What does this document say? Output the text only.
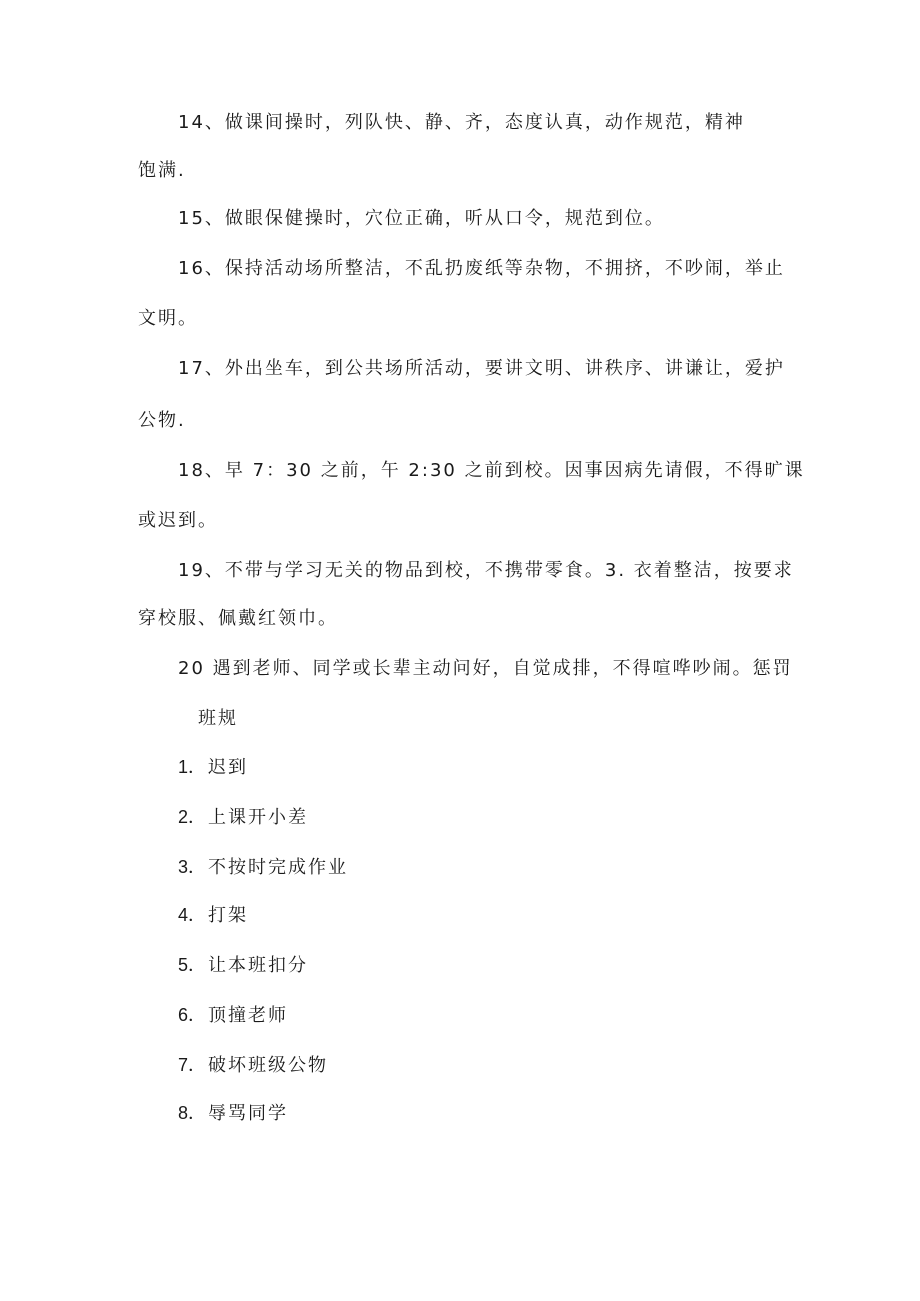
14、做课间操时，列队快、静、齐，态度认真，动作规范，精神
饱满.
15、做眼保健操时，穴位正确，听从口令，规范到位。
16、保持活动场所整洁，不乱扔废纸等杂物，不拥挤，不吵闹，举止
文明。
17、外出坐车，到公共场所活动，要讲文明、讲秩序、讲谦让，爱护
公物.
18、早 7：30 之前，午 2:30 之前到校。因事因病先请假，不得旷课
或迟到。
19、不带与学习无关的物品到校，不携带零食。3. 衣着整洁，按要求
穿校服、佩戴红领巾。
20 遇到老师、同学或长辈主动问好，自觉成排，不得喧哗吵闹。惩罚
班规
1．迟到
2．上课开小差
3．不按时完成作业
4．打架
5．让本班扣分
6．顶撞老师
7．破坏班级公物
8．辱骂同学
